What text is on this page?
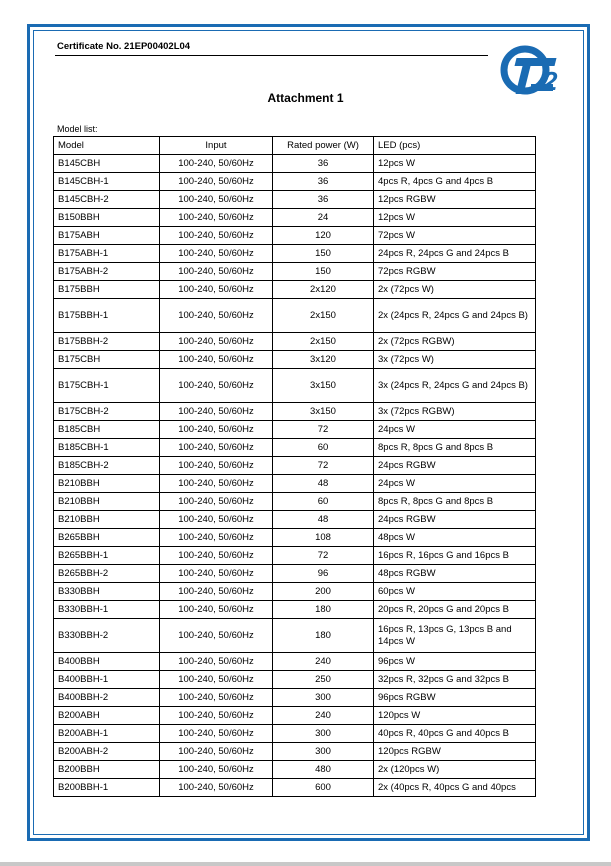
Certificate No. 21EP00402L04
2
Attachment 1
Model list:
Model	Input	Rated power (W)	LED (pcs)
B145CBH	100-240, 50/60Hz	36	12pcs W
B145CBH-1	100-240, 50/60Hz	36	4pcs R, 4pcs G and 4pcs B
B145CBH-2	100-240, 50/60Hz	36	12pcs RGBW
B150BBH	100-240, 50/60Hz	24	12pcs W
B175ABH	100-240, 50/60Hz	120	72pcs W
B175ABH-1	100-240, 50/60Hz	150	24pcs R, 24pcs G and 24pcs B
B175ABH-2	100-240, 50/60Hz	150	72pcs RGBW
B175BBH	100-240, 50/60Hz	2x120	2x (72pcs W)
B175BBH-1	100-240, 50/60Hz	2x150	2x (24pcs R, 24pcs G and 24pcs B)
B175BBH-2	100-240, 50/60Hz	2x150	2x (72pcs RGBW)
B175CBH	100-240, 50/60Hz	3x120	3x (72pcs W)
B175CBH-1	100-240, 50/60Hz	3x150	3x (24pcs R, 24pcs G and 24pcs B)
B175CBH-2	100-240, 50/60Hz	3x150	3x (72pcs RGBW)
B185CBH	100-240, 50/60Hz	72	24pcs W
B185CBH-1	100-240, 50/60Hz	60	8pcs R, 8pcs G and 8pcs B
B185CBH-2	100-240, 50/60Hz	72	24pcs RGBW
B210BBH	100-240, 50/60Hz	48	24pcs W
B210BBH	100-240, 50/60Hz	60	8pcs R, 8pcs G and 8pcs B
B210BBH	100-240, 50/60Hz	48	24pcs RGBW
B265BBH	100-240, 50/60Hz	108	48pcs W
B265BBH-1	100-240, 50/60Hz	72	16pcs R, 16pcs G and 16pcs B
B265BBH-2	100-240, 50/60Hz	96	48pcs RGBW
B330BBH	100-240, 50/60Hz	200	60pcs W
B330BBH-1	100-240, 50/60Hz	180	20pcs R, 20pcs G and 20pcs B
B330BBH-2	100-240, 50/60Hz	180	16pcs R, 13pcs G, 13pcs B and 14pcs W
B400BBH	100-240, 50/60Hz	240	96pcs W
B400BBH-1	100-240, 50/60Hz	250	32pcs R, 32pcs G and 32pcs B
B400BBH-2	100-240, 50/60Hz	300	96pcs RGBW
B200ABH	100-240, 50/60Hz	240	120pcs W
B200ABH-1	100-240, 50/60Hz	300	40pcs R, 40pcs G and 40pcs B
B200ABH-2	100-240, 50/60Hz	300	120pcs RGBW
B200BBH	100-240, 50/60Hz	480	2x (120pcs W)
B200BBH-1	100-240, 50/60Hz	600	2x (40pcs R, 40pcs G and 40pcs
